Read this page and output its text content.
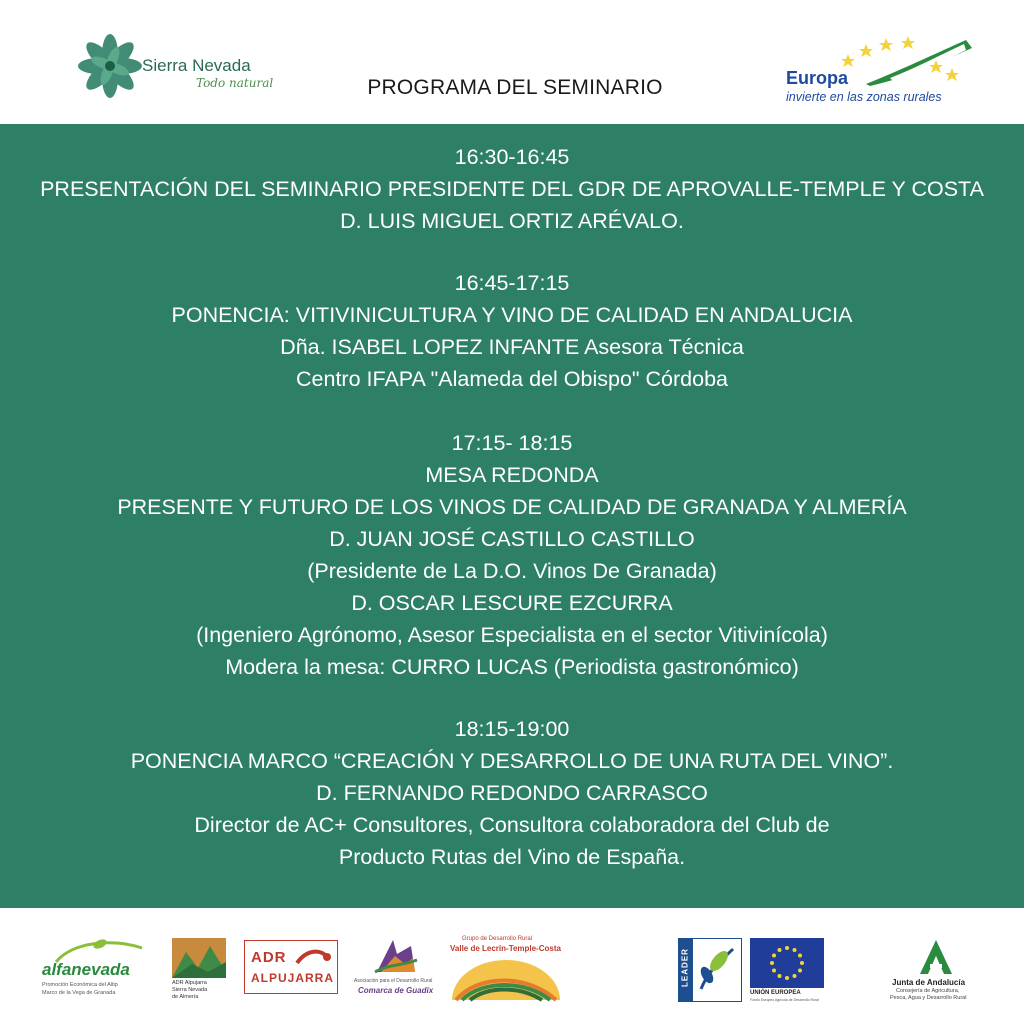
Sierra Nevada
Todo natural	PROGRAMA DEL SEMINARIO	Europa
invierte en las zonas rurales
16:30-16:45
PRESENTACIÓN DEL SEMINARIO PRESIDENTE DEL GDR DE APROVALLE-TEMPLE Y COSTA
D. LUIS MIGUEL ORTIZ ARÉVALO.
16:45-17:15
PONENCIA: VITIVINICULTURA Y VINO DE CALIDAD EN ANDALUCIA
Dña. ISABEL LOPEZ INFANTE Asesora Técnica
Centro IFAPA "Alameda del Obispo" Córdoba
17:15- 18:15
MESA REDONDA
PRESENTE Y FUTURO DE LOS VINOS DE CALIDAD DE GRANADA Y ALMERÍA
D. JUAN JOSÉ CASTILLO CASTILLO
(Presidente de La D.O. Vinos De Granada)
D. OSCAR LESCURE EZCURRA
(Ingeniero Agrónomo, Asesor Especialista en el sector Vitivinícola)
Moderа la mesa: CURRO LUCAS (Periodista gastronómico)
18:15-19:00
PONENCIA MARCO “CREACIÓN Y DESARROLLO DE UNA RUTA DEL VINO”.
D. FERNANDO REDONDO CARRASCO
Director de AC+ Consultores, Consultora colaboradora del Club de
Producto Rutas del Vino de España.
alfanevada
Promoción Económica del Altip
Marco de la Vega de Granada
ADR Alpujarra
Sierra Nevada
de Almería
ADR
ALPUJARRA	Asociación para el Desarrollo Rural
Comarca de Guadix
Grupo de Desarrollo Rural
Valle de Lecrín-Temple-Costa	LEADER
UNIÓN EUROPEA
Fondo Europeo Agrícola de Desarrollo Rural
Junta de Andalucía
Consejería de Agricultura,
Pesca, Agua y Desarrollo Rural
